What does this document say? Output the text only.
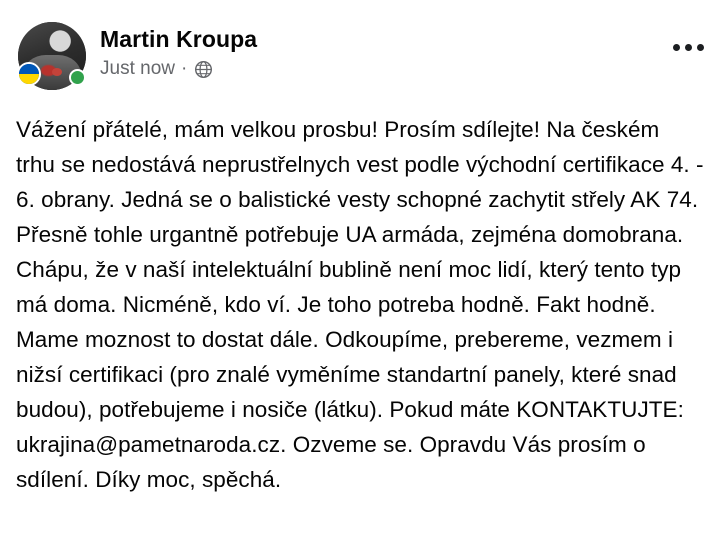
Martin Kroupa
Just now ·
Vážení přátelé, mám velkou prosbu! Prosím sdílejte! Na českém trhu se nedostává neprustřelnych vest podle východní certifikace 4. - 6. obrany. Jedná se o balistické vesty schopné zachytit střely AK 74. Přesně tohle urgantně potřebuje UA armáda, zejména domobrana. Chápu, že v naší intelektuální bublině není moc lidí, který tento typ má doma. Nicméně, kdo ví. Je toho potreba hodně. Fakt hodně. Mame moznost to dostat dále. Odkoupíme, prebereme, vezmem i nižsí certifikaci (pro znalé vyměníme standartní panely, které snad budou), potřebujeme i nosiče (látku). Pokud máte KONTAKTUJTE: ukrajina@pametnaroda.cz. Ozveme se. Opravdu Vás prosím o sdílení. Díky moc, spěchá.
